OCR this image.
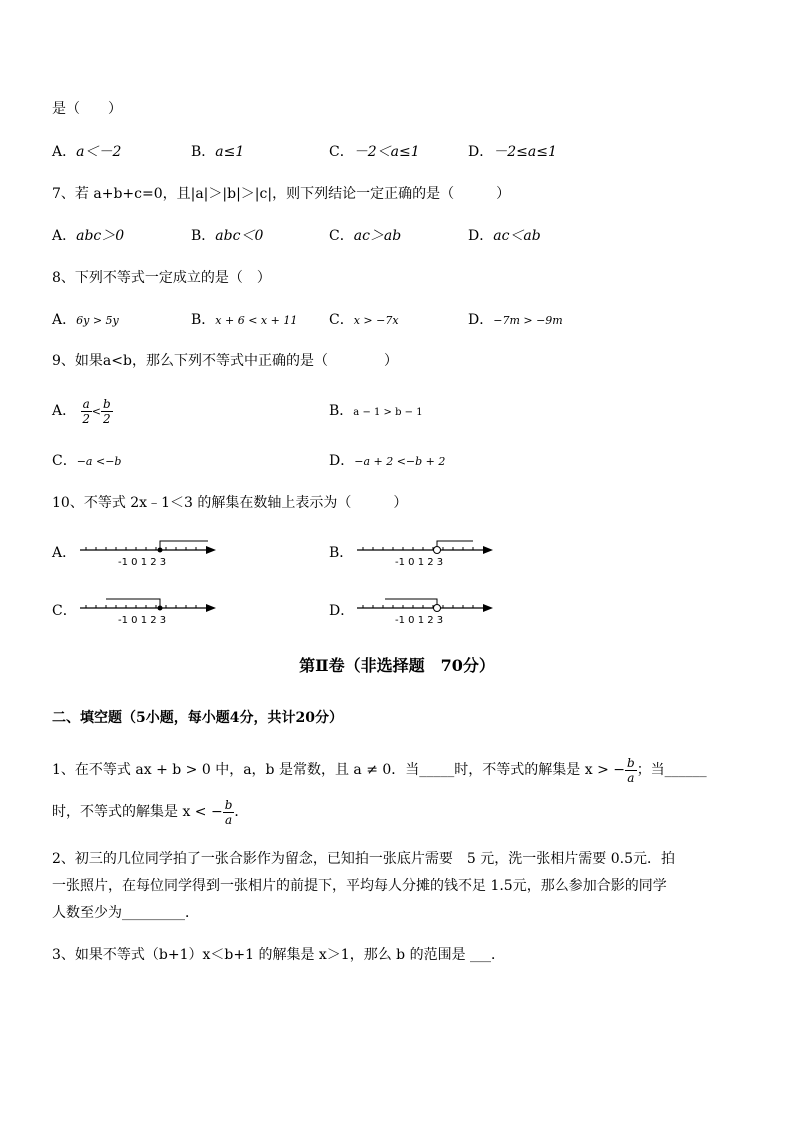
是（　　）
A．a＜－2	B．a≤1	C．－2＜a≤1	D．－2≤a≤1
7、若 a+b+c=0，且|a|＞|b|＞|c|，则下列结论一定正确的是（　　　）
A．abc＞0	B．abc＜0	C．ac＞ab	D．ac＜ab
8、下列不等式一定成立的是（　）
A．6y > 5y	B．x + 6 < x + 11 C．x > −7x	D．−7m > −9m
9、如果a<b，那么下列不等式中正确的是（　　　　）
A． $\frac{a}{2} < \frac{b}{2}$	B．a − 1 > b − 1
C．−a <−b	D．−a + 2 <−b + 2
10、不等式 2x﹣1＜3 的解集在数轴上表示为（　　　）
A．	B．
C．	D．
-1 0 1 2 3	-1 0 1 2 3
-1 0 1 2 3	-1 0 1 2 3
第Ⅱ卷（非选择题　70分）
二、填空题（5小题，每小题4分，共计20分）
1、在不等式 ax + b > 0 中，a，b 是常数，且 a ≠ 0．当_____时，不等式的解集是 x > − $\frac{b}{a}$ ；当______
时，不等式的解集是 x < − $\frac{b}{a}$ ．
2、初三的几位同学拍了一张合影作为留念，已知拍一张底片需要　5 元，洗一张相片需要 0.5元．拍
一张照片，在每位同学得到一张相片的前提下，平均每人分摊的钱不足 1.5元，那么参加合影的同学
人数至少为_________．
3、如果不等式（b+1）x＜b+1 的解集是 x＞1，那么 b 的范围是 ___．
